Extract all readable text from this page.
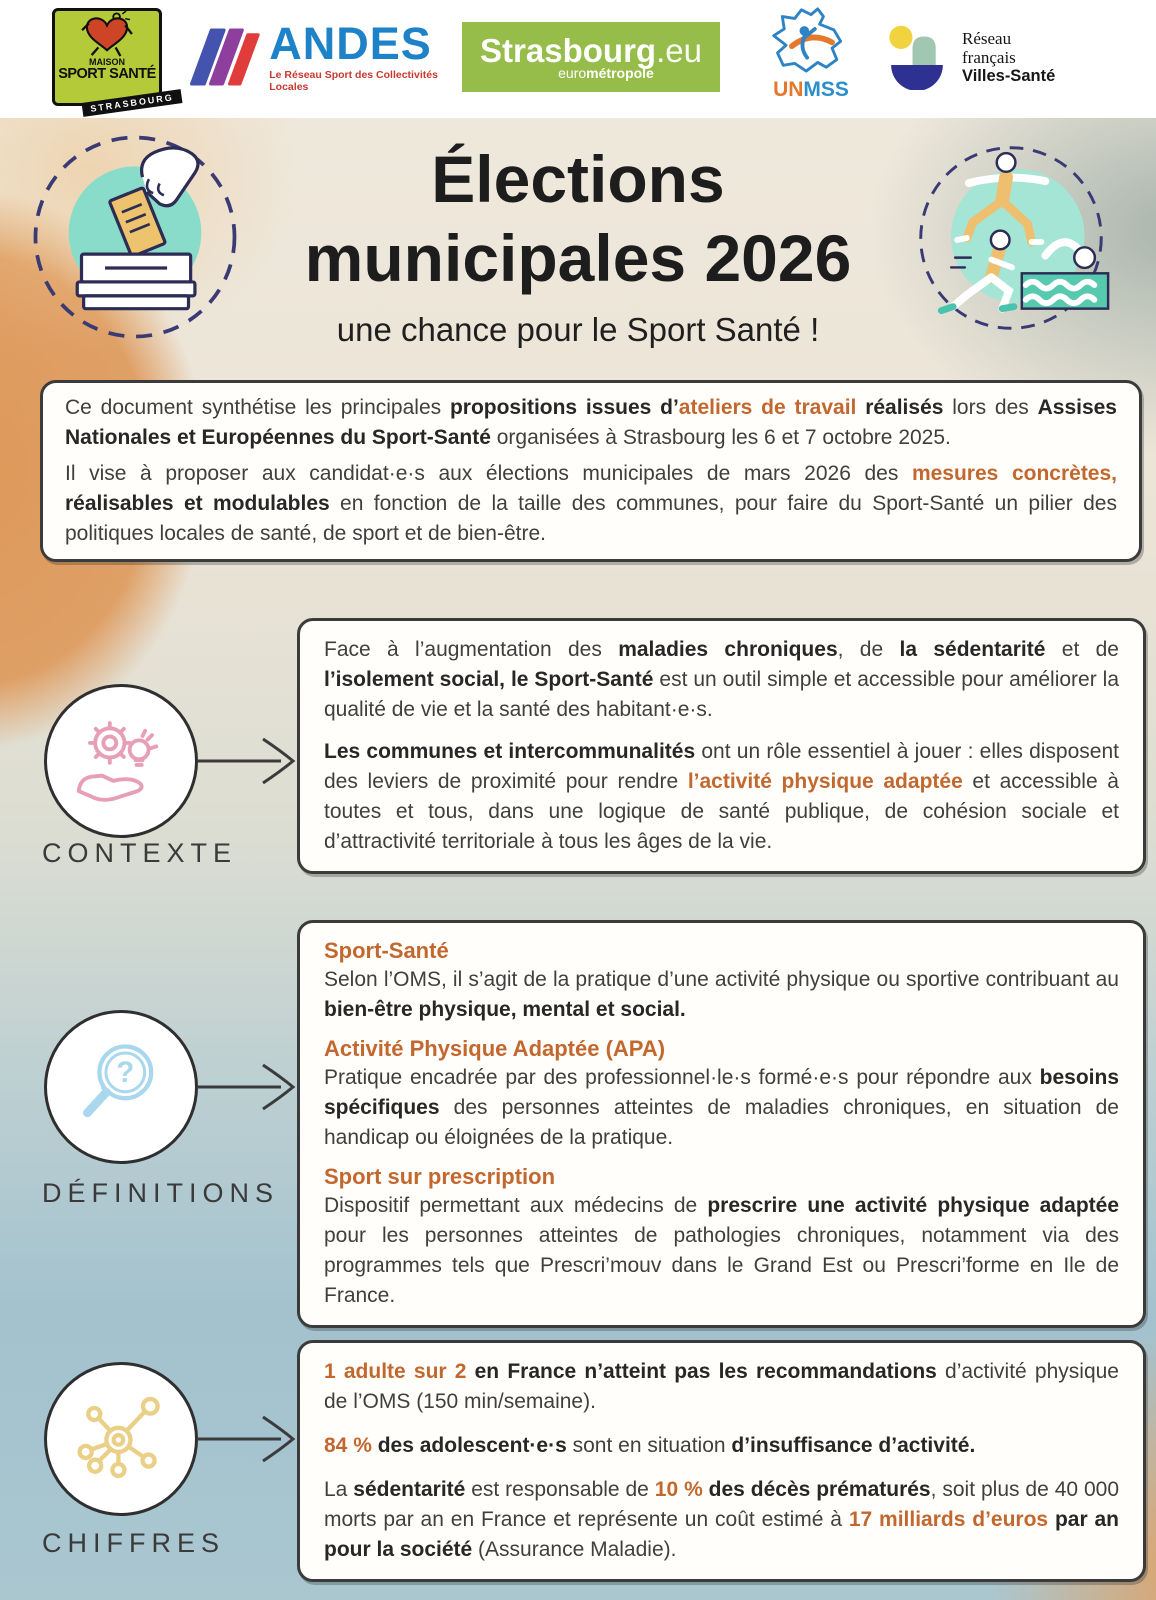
MAISON
SPORT SANTÉ
STRASBOURG
ANDES
Le Réseau Sport des Collectivités Locales
Strasbourg.eu
eurométropole
UNMSS
Réseau
français
Villes-Santé
Élections
municipales 2026
une chance pour le Sport Santé !

Ce document synthétise les principales propositions issues d’ateliers de travail réalisés lors des Assises Nationales et Européennes du Sport-Santé organisées à Strasbourg les 6 et 7 octobre 2025.

Il vise à proposer aux candidat·e·s aux élections municipales de mars 2026 des mesures concrètes, réalisables et modulables en fonction de la taille des communes, pour faire du Sport-Santé un pilier des politiques locales de santé, de sport et de bien-être.

CONTEXTE

Face à l’augmentation des maladies chroniques, de la sédentarité et de l’isolement social, le Sport-Santé est un outil simple et accessible pour améliorer la qualité de vie et la santé des habitant·e·s.

Les communes et intercommunalités ont un rôle essentiel à jouer : elles disposent des leviers de proximité pour rendre l’activité physique adaptée et accessible à toutes et tous, dans une logique de santé publique, de cohésion sociale et d’attractivité territoriale à tous les âges de la vie.

?
DÉFINITIONS
Sport-Santé

Selon l’OMS, il s’agit de la pratique d’une activité physique ou sportive contribuant au bien-être physique, mental et social.

Activité Physique Adaptée (APA)

Pratique encadrée par des professionnel·le·s formé·e·s pour répondre aux besoins spécifiques des personnes atteintes de maladies chroniques, en situation de handicap ou éloignées de la pratique.

Sport sur prescription

Dispositif permettant aux médecins de prescrire une activité physique adaptée pour les personnes atteintes de pathologies chroniques, notamment via des programmes tels que Prescri’mouv dans le Grand Est ou Prescri’forme en Ile de France.

CHIFFRES

1 adulte sur 2 en France n’atteint pas les recommandations d’activité physique de l’OMS (150 min/semaine).

84 % des adolescent·e·s sont en situation d’insuffisance d’activité.

La sédentarité est responsable de 10 % des décès prématurés, soit plus de 40 000 morts par an en France et représente un coût estimé à 17 milliards d’euros par an pour la société (Assurance Maladie).
